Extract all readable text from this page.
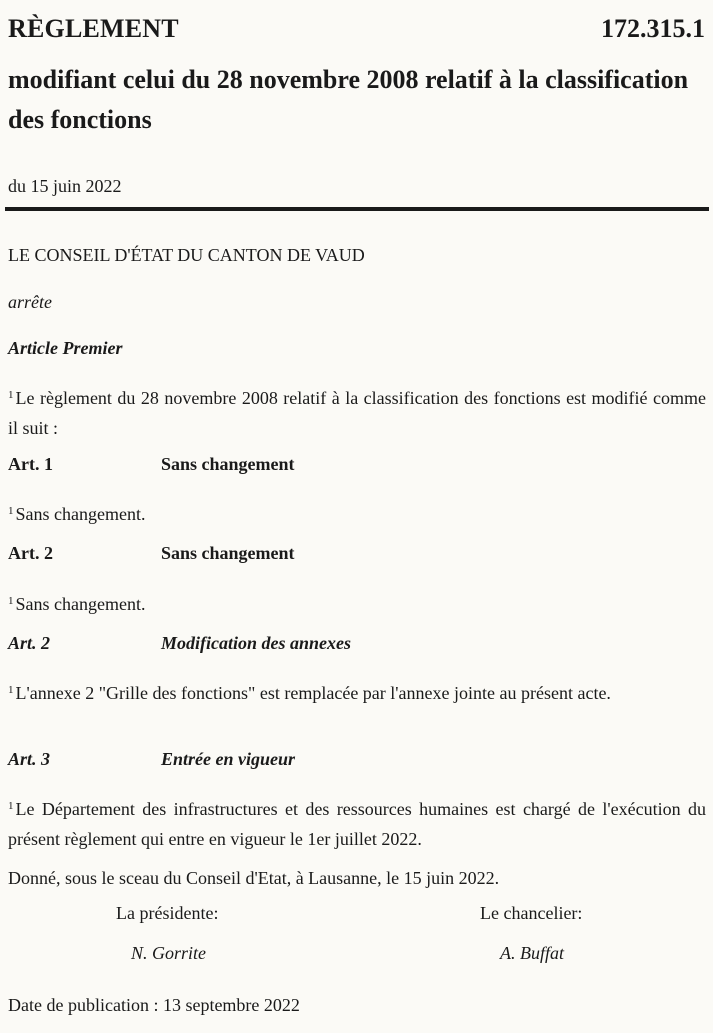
RÈGLEMENT	172.315.1
modifiant celui du 28 novembre 2008 relatif à la classification des fonctions
du 15 juin 2022
LE CONSEIL D'ÉTAT DU CANTON DE VAUD
arrête
Article Premier
$^1$ Le règlement du 28 novembre 2008 relatif à la classification des fonctions est modifié comme il suit :
Art. 1	Sans changement
$^1$ Sans changement.
Art. 2	Sans changement
$^1$ Sans changement.
Art. 2	Modification des annexes
$^1$ L'annexe 2 "Grille des fonctions" est remplacée par l'annexe jointe au présent acte.
Art. 3	Entrée en vigueur
$^1$ Le Département des infrastructures et des ressources humaines est chargé de l'exécution du présent règlement qui entre en vigueur le 1er juillet 2022.
Donné, sous le sceau du Conseil d'Etat, à Lausanne, le 15 juin 2022.
La présidente:
N. Gorrite
Le chancelier:
A. Buffat
Date de publication : 13 septembre 2022
